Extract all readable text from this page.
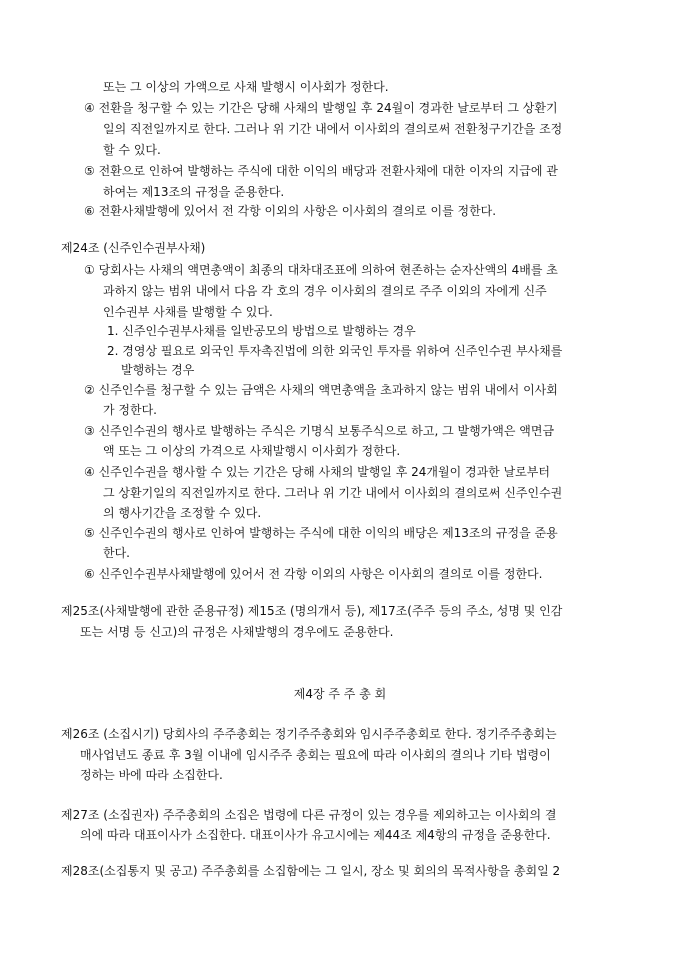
또는 그 이상의 가액으로 사채 발행시 이사회가 정한다.
④ 전환을 청구할 수 있는 기간은 당해 사채의 발행일 후 24월이 경과한 날로부터 그 상환기
일의 직전일까지로 한다. 그러나 위 기간 내에서 이사회의 결의로써 전환청구기간을 조정
할 수 있다.
⑤ 전환으로 인하여 발행하는 주식에 대한 이익의 배당과 전환사채에 대한 이자의 지급에 관
하여는 제13조의 규정을 준용한다.
⑥ 전환사채발행에 있어서 전 각항 이외의 사항은 이사회의 결의로 이를 정한다.
제24조 (신주인수권부사채)
① 당회사는 사채의 액면총액이 최종의 대차대조표에 의하여 현존하는 순자산액의 4배를 초
과하지 않는 범위 내에서 다음 각 호의 경우 이사회의 결의로 주주 이외의 자에게 신주
인수권부 사채를 발행할 수 있다.
1. 신주인수권부사채를 일반공모의 방법으로 발행하는 경우
2. 경영상 필요로 외국인 투자촉진법에 의한 외국인 투자를 위하여 신주인수권 부사채를
발행하는 경우
② 신주인수를 청구할 수 있는 금액은 사채의 액면총액을 초과하지 않는 범위 내에서 이사회
가 정한다.
③ 신주인수권의 행사로 발행하는 주식은 기명식 보통주식으로 하고, 그 발행가액은 액면금
액 또는 그 이상의 가격으로 사채발행시 이사회가 정한다.
④ 신주인수권을 행사할 수 있는 기간은 당해 사채의 발행일 후 24개월이 경과한 날로부터
그 상환기일의 직전일까지로 한다. 그러나 위 기간 내에서 이사회의 결의로써 신주인수권
의 행사기간을 조정할 수 있다.
⑤ 신주인수권의 행사로 인하여 발행하는 주식에 대한 이익의 배당은 제13조의 규정을 준용
한다.
⑥ 신주인수권부사채발행에 있어서 전 각항 이외의 사항은 이사회의 결의로 이를 정한다.
제25조(사채발행에 관한 준용규정) 제15조 (명의개서 등), 제17조(주주 등의 주소, 성명 및 인감
또는 서명 등 신고)의 규정은 사채발행의 경우에도 준용한다.
제4장 주 주 총 회
제26조 (소집시기) 당회사의 주주총회는 정기주주총회와 임시주주총회로 한다. 정기주주총회는
매사업년도 종료 후 3월 이내에 임시주주 총회는 필요에 따라 이사회의 결의나 기타 법령이
정하는 바에 따라 소집한다.
제27조 (소집권자) 주주총회의 소집은 법령에 다른 규정이 있는 경우를 제외하고는 이사회의 결
의에 따라 대표이사가 소집한다. 대표이사가 유고시에는 제44조 제4항의 규정을 준용한다.
제28조(소집통지 및 공고) 주주총회를 소집함에는 그 일시, 장소 및 회의의 목적사항을 총회일 2
